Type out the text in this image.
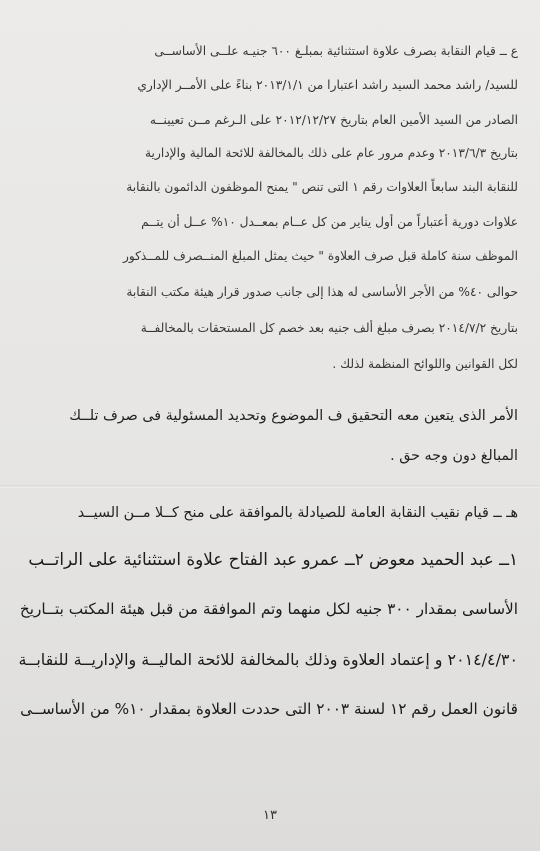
ع ــ قيام النقابة بصرف علاوة استثنائية بمبلـغ ٦٠٠ جنيـه علــى الأساســى
للسيد/ راشد محمد السيد راشد اعتبارا من ٢٠١٣/١/١ بناءً على الأمــر الإداري
الصادر من السيد الأمين العام بتاريخ ٢٠١٢/١٢/٢٧ على الـرغم مــن تعيينــه
بتاريخ ٢٠١٣/٦/٣ وعدم مرور عام على ذلك بالمخالفة للائحة المالية والإدارية
للنقابة البند سابعاً العلاوات رقم ١ التى تنص " يمنح الموظفون الدائمون بالنقابة
علاوات دورية أعتباراً من أول يناير من كل عــام بمعــدل ١٠% عــل أن يتــم
الموظف سنة كاملة قبل صرف العلاوة " حيث يمثل المبلغ المنــصرف للمــذكور
حوالى ٤٠% من الأجر الأساسى له هذا إلى جانب صدور قرار هيئة مكتب النقابة
بتاريخ ٢٠١٤/٧/٢ بصرف مبلغ ألف جنيه بعد خصم كل المستحقات بالمخالفــة
لكل القوانين واللوائح المنظمة لذلك .
الأمر الذى يتعين معه التحقيق ف الموضوع وتحديد المسئولية فى صرف تلــك
المبالغ دون وجه حق .
هـ ــ قيام نقيب النقابة العامة للصيادلة بالموافقة على منح كــلا مــن السيــد
١ــ عبد الحميد معوض ٢ــ عمرو عبد الفتاح علاوة استثنائية على الراتــب
الأساسى بمقدار ٣٠٠ جنيه لكل منهما وتم الموافقة من قبل هيئة المكتب بتــاريخ
٢٠١٤/٤/٣٠ و إعتماد العلاوة وذلك بالمخالفة للائحة الماليــة والإداريــة للنقابــة
قانون العمل رقم ١٢ لسنة ٢٠٠٣ التى حددت العلاوة بمقدار ١٠% من الأساســى
١٣
